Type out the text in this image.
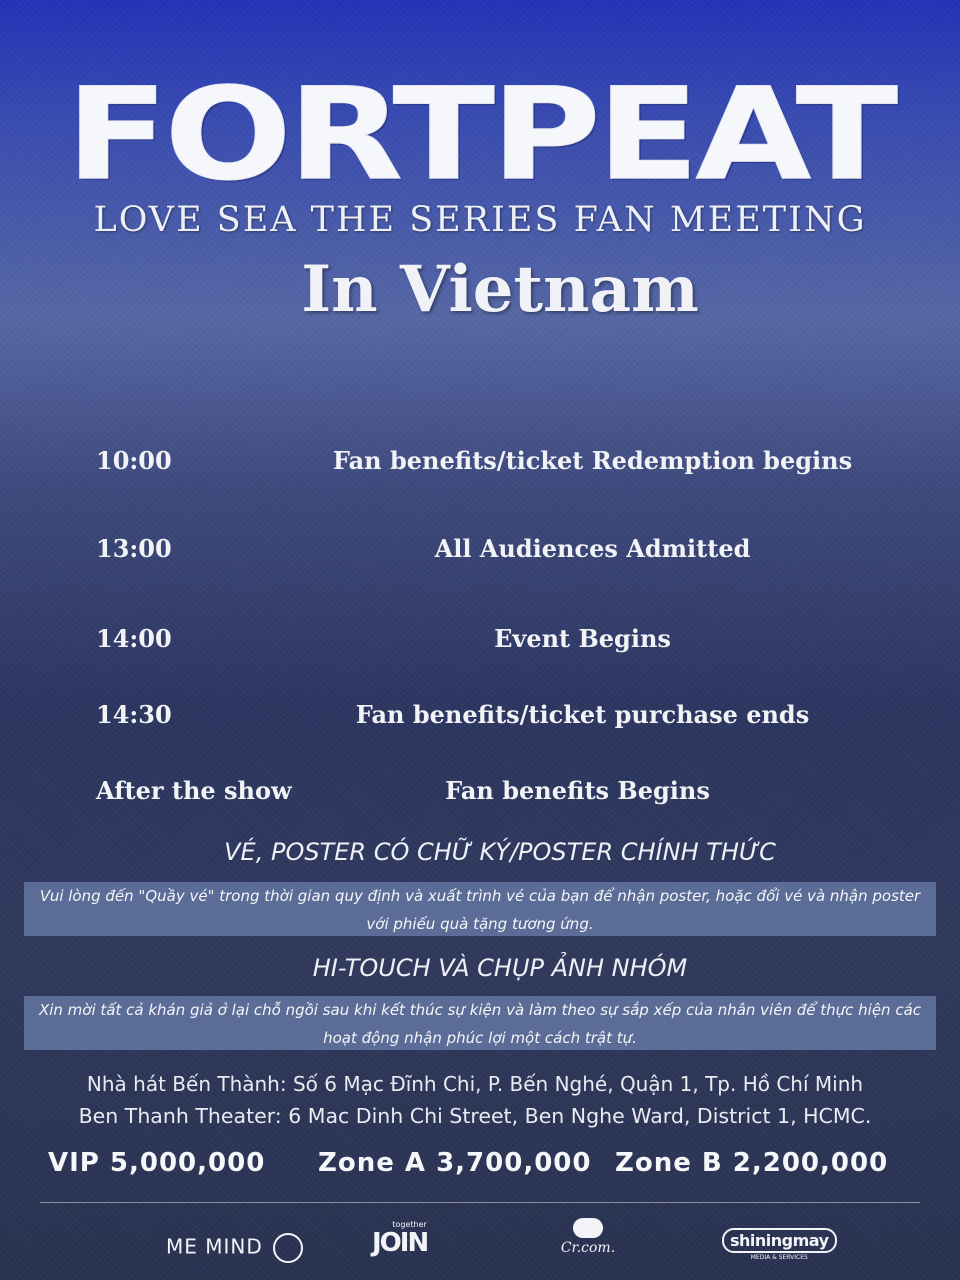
FORTPEAT
LOVE SEA THE SERIES FAN MEETING
In Vietnam
10:00	Fan benefits/ticket Redemption begins
13:00	All Audiences Admitted
14:00	Event Begins
14:30	Fan benefits/ticket purchase ends
After the show	Fan benefits Begins
VÉ, POSTER CÓ CHỮ KÝ/POSTER CHÍNH THỨC
Vui lòng đến "Quầy vé" trong thời gian quy định và xuất trình vé của bạn để nhận poster, hoặc đổi vé và nhận poster
với phiếu quà tặng tương ứng.
HI-TOUCH VÀ CHỤP ẢNH NHÓM
Xin mời tất cả khán giả ở lại chỗ ngồi sau khi kết thúc sự kiện và làm theo sự sắp xếp của nhân viên để thực hiện các
hoạt động nhận phúc lợi một cách trật tự.
Nhà hát Bến Thành: Số 6 Mạc Đĩnh Chi, P. Bến Nghé, Quận 1, Tp. Hồ Chí Minh
Ben Thanh Theater: 6 Mac Dinh Chi Street, Ben Nghe Ward, District 1, HCMC.
VIP 5,000,000 Zone A 3,700,000 Zone B 2,200,000
ME MIND
together
JOIN	Cr.com.	shiningmay
MEDIA & SERVICES
